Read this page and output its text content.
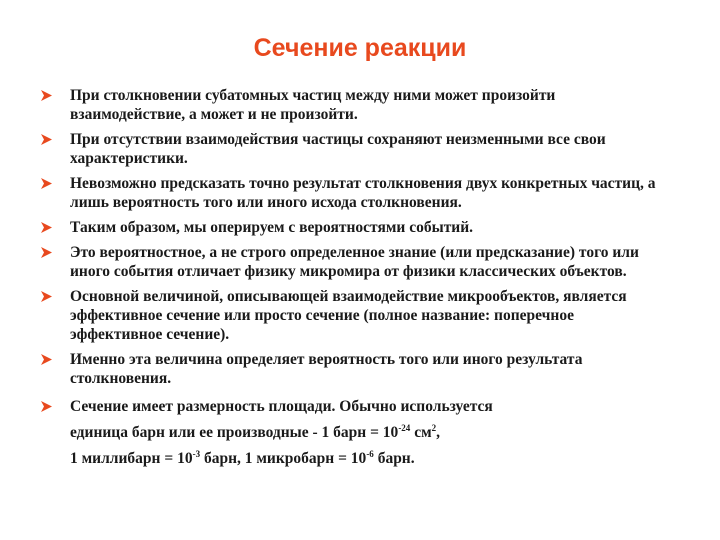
Сечение реакции
При столкновении субатомных частиц между ними может произойти взаимодействие, а может и не произойти.
При отсутствии взаимодействия частицы сохраняют неизменными все свои характеристики.
Невозможно предсказать точно результат столкновения двух конкретных частиц, а лишь вероятность того или иного исхода столкновения.
Таким образом, мы оперируем с вероятностями событий.
Это вероятностное, а не строго определенное знание (или предсказание) того или иного события отличает физику микромира от физики классических объектов.
Основной величиной, описывающей взаимодействие микрообъектов, является эффективное сечение или просто сечение (полное название: поперечное эффективное сечение).
Именно эта величина определяет вероятность того или иного результата столкновения.
Сечение имеет размерность площади. Обычно используется
единица барн или ее производные - 1 барн = $10^{-24}$ $см^2$,
1 миллибарн = $10^{-3}$ барн, 1 микробарн = $10^{-6}$ барн.
